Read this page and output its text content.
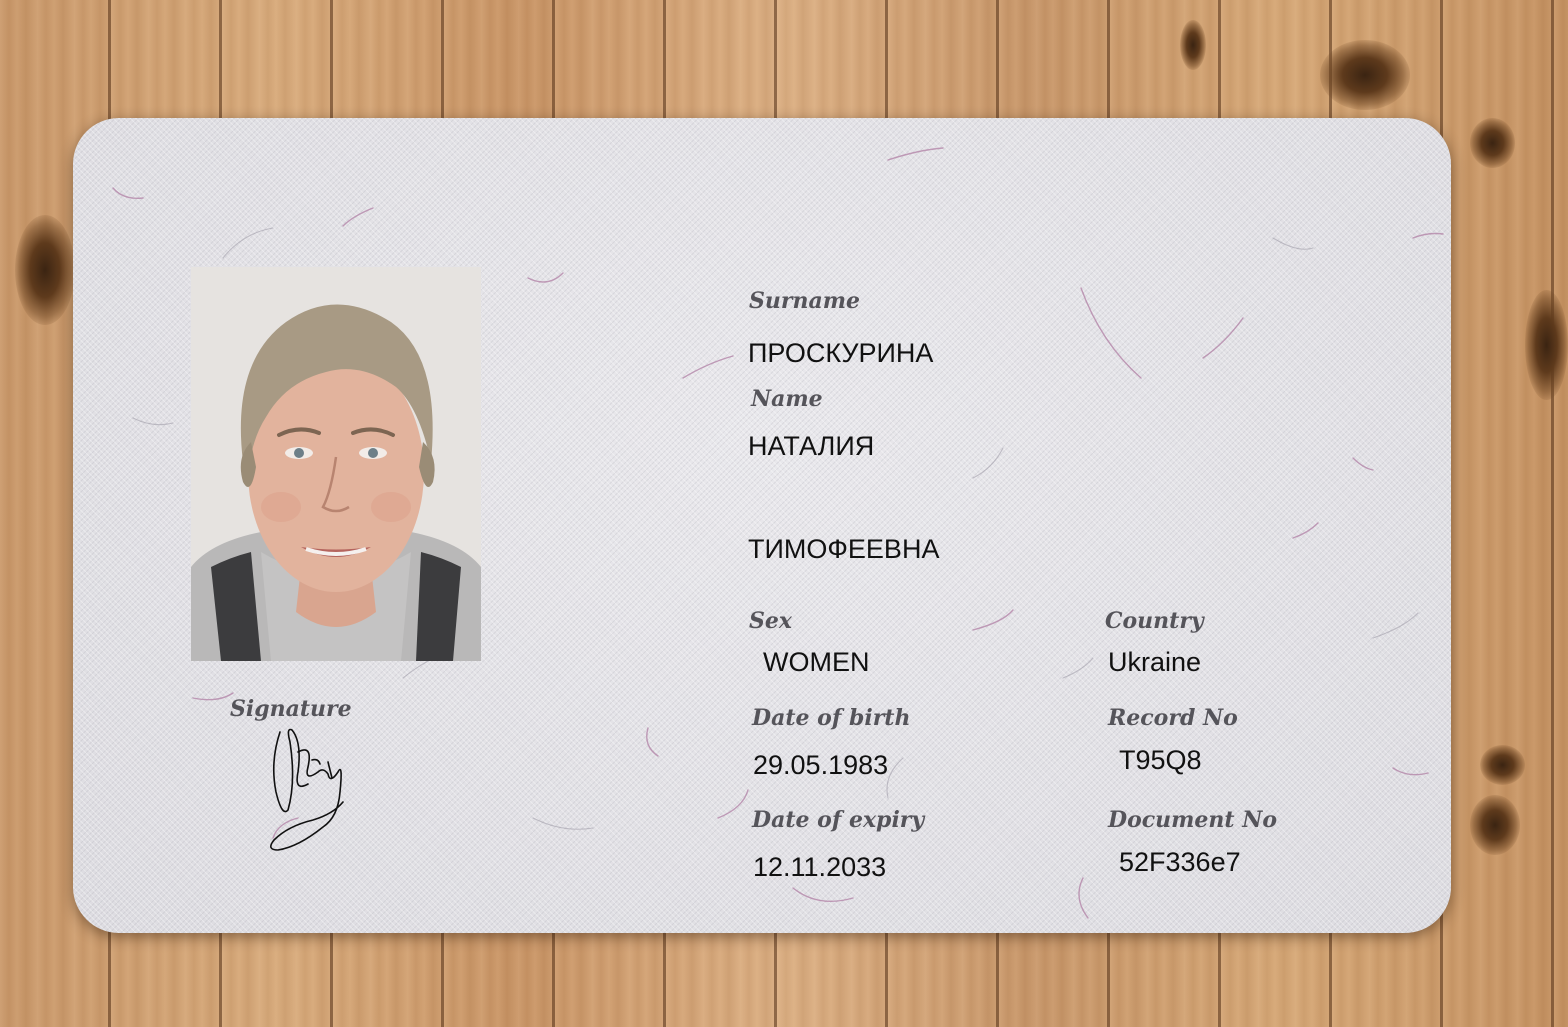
Signature
Surname
ПРОСКУРИНА
Name
НАТАЛИЯ
ТИМОФЕЕВНА
Sex
WOMEN
Country
Ukraine
Date of birth
29.05.1983
Record No
T95Q8
Date of expiry
12.11.2033
Document No
52F336e7
